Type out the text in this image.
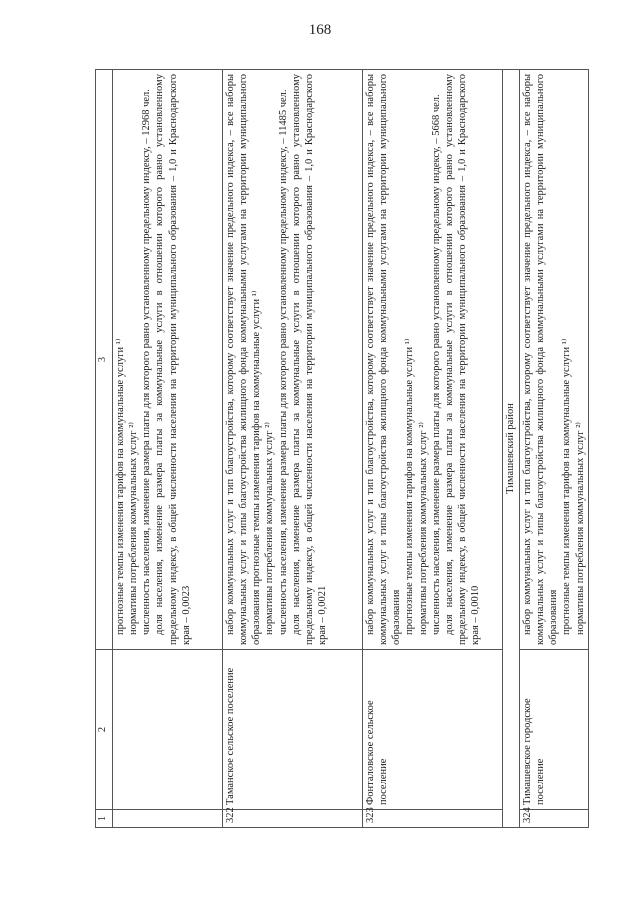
168
1	2	3

		прогнозные темпы изменения тарифов на коммунальные услуги ¹⁾ нормативы потребления коммунальных услуг ²⁾ численность населения, изменение размера платы для которого равно установленному предельному индексу, – 12968 чел. доля населения, изменение размера платы за коммунальные услуги в отношении которого равно установленному предельному индексу, в общей численности населения на территории муниципального образования – 1,0 и Краснодарского края – 0,0023

322	Таманское сельское поселение	набор коммунальных услуг и тип благоустройства, которому соответствует значение предельного индекса, – все наборы коммунальных услуг и типы благоустройства жилищного фонда коммунальными услугами на территории муниципального образования прогнозные темпы изменения тарифов на коммунальные услуги ¹⁾ нормативы потребления коммунальных услуг ²⁾ численность населения, изменение размера платы для которого равно установленному предельному индексу, – 11485 чел. доля населения, изменение размера платы за коммунальные услуги в отношении которого равно установленному предельному индексу, в общей численности населения на территории муниципального образования – 1,0 и Краснодарского края – 0,0021

323	Фонталовское сельское поселение	набор коммунальных услуг и тип благоустройства, которому соответствует значение предельного индекса, – все наборы коммунальных услуг и типы благоустройства жилищного фонда коммунальными услугами на территории муниципального образования прогнозные темпы изменения тарифов на коммунальные услуги ¹⁾ нормативы потребления коммунальных услуг ²⁾ численность населения, изменение размера платы для которого равно установленному предельному индексу, – 5668 чел. доля населения, изменение размера платы за коммунальные услуги в отношении которого равно установленному предельному индексу, в общей численности населения на территории муниципального образования – 1,0 и Краснодарского края – 0,0010

Тимашевский район		
324	Тимашевское городское поселение	набор коммунальных услуг и тип благоустройства, которому соответствует значение предельного индекса, – все наборы коммунальных услуг и типы благоустройства жилищного фонда коммунальными услугами на территории муниципального образования прогнозные темпы изменения тарифов на коммунальные услуги ¹⁾ нормативы потребления коммунальных услуг ²⁾
